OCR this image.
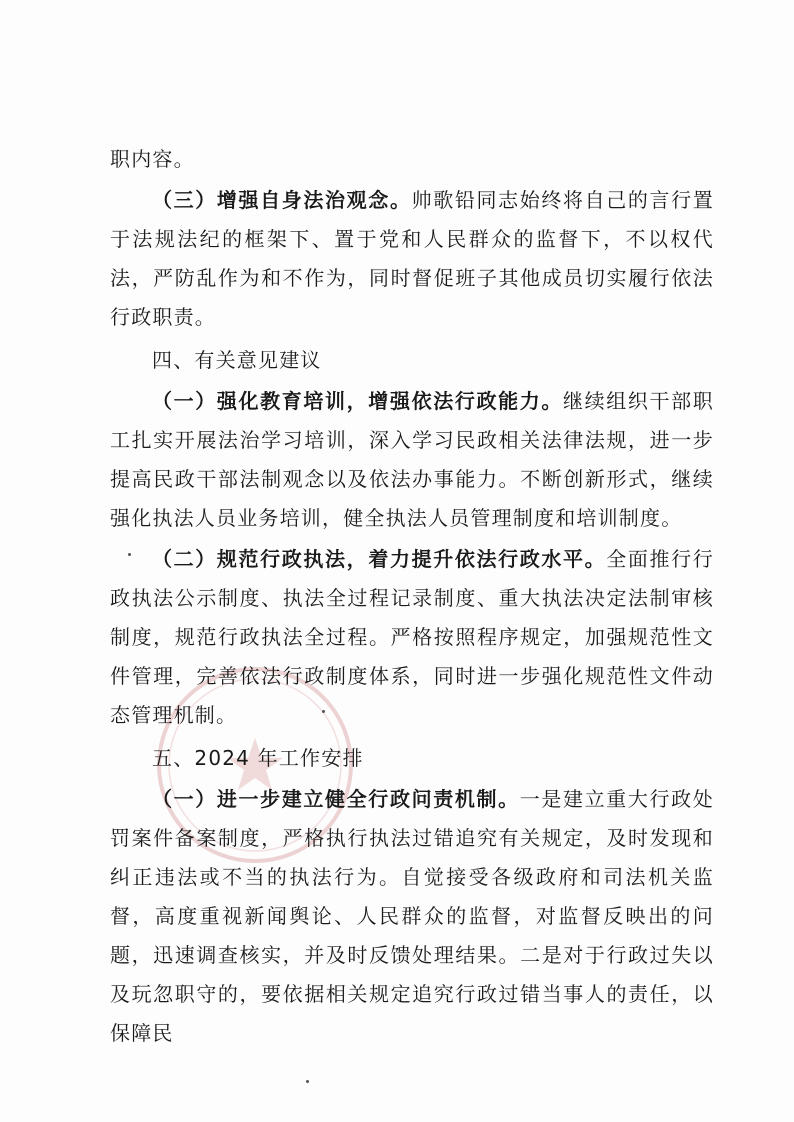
职内容。

（三）增强自身法治观念。帅歌铅同志始终将自己的言行置于法规法纪的框架下、置于党和人民群众的监督下，不以权代法，严防乱作为和不作为，同时督促班子其他成员切实履行依法行政职责。

四、有关意见建议

（一）强化教育培训，增强依法行政能力。继续组织干部职工扎实开展法治学习培训，深入学习民政相关法律法规，进一步提高民政干部法制观念以及依法办事能力。不断创新形式，继续强化执法人员业务培训，健全执法人员管理制度和培训制度。

（二）规范行政执法，着力提升依法行政水平。全面推行行政执法公示制度、执法全过程记录制度、重大执法决定法制审核制度，规范行政执法全过程。严格按照程序规定，加强规范性文件管理，完善依法行政制度体系，同时进一步强化规范性文件动态管理机制。

五、2024 年工作安排

（一）进一步建立健全行政问责机制。一是建立重大行政处罚案件备案制度，严格执行执法过错追究有关规定，及时发现和纠正违法或不当的执法行为。自觉接受各级政府和司法机关监督，高度重视新闻舆论、人民群众的监督，对监督反映出的问题，迅速调查核实，并及时反馈处理结果。二是对于行政过失以及玩忽职守的，要依据相关规定追究行政过错当事人的责任，以保障民
